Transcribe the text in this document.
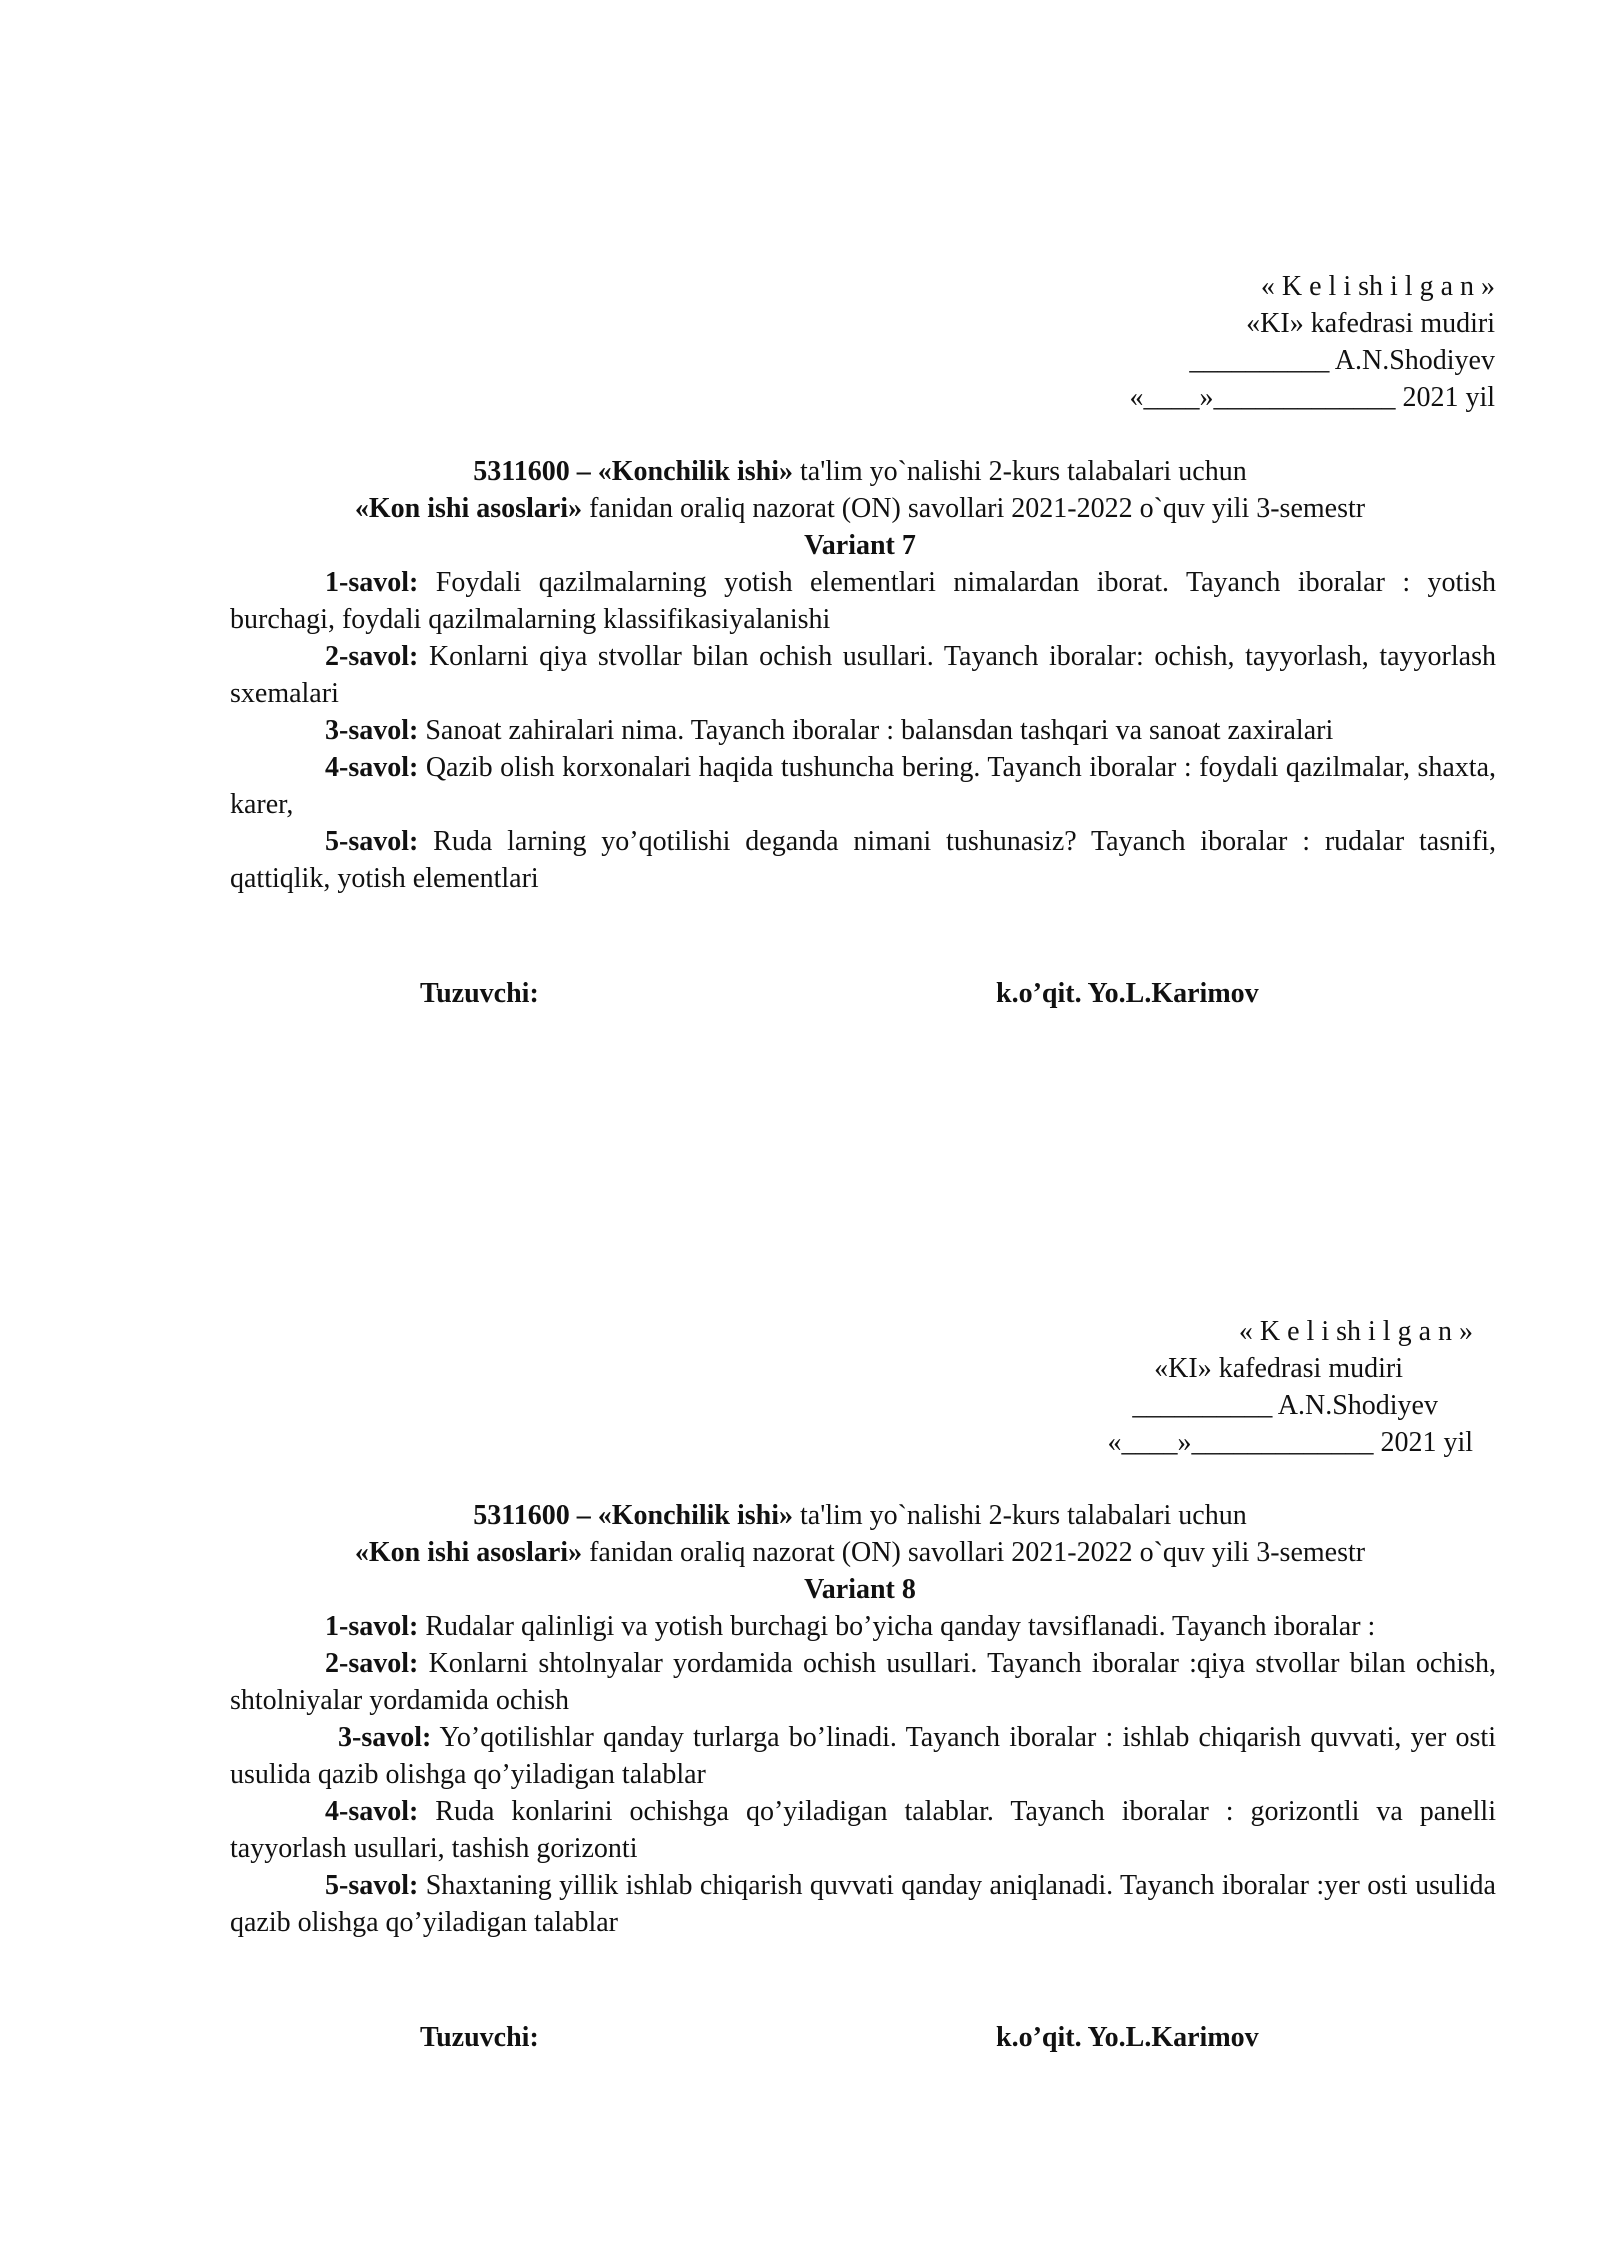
« K e l i sh i l g a n »
«KI» kafedrasi mudiri
__________ A.N.Shodiyev
«____»_____________ 2021 yil
5311600 – «Konchilik ishi» ta'lim yo`nalishi 2-kurs talabalari uchun
«Kon ishi asoslari» fanidan oraliq nazorat (ON) savollari 2021-2022 o`quv yili 3-semestr
Variant 7

1-savol: Foydali qazilmalarning yotish elementlari nimalardan iborat. Tayanch iboralar : yotish burchagi, foydali qazilmalarning klassifikasiyalanishi

2-savol: Konlarni qiya stvollar bilan ochish usullari. Tayanch iboralar: ochish, tayyorlash, tayyorlash sxemalari

3-savol: Sanoat zahiralari nima. Tayanch iboralar : balansdan tashqari va sanoat zaxiralari

4-savol: Qazib olish korxonalari haqida tushuncha bering. Tayanch iboralar : foydali qazilmalar, shaxta, karer,

5-savol: Ruda larning yo’qotilishi deganda nimani tushunasiz? Tayanch iboralar : rudalar tasnifi, qattiqlik, yotish elementlari

Tuzuvchi:	k.o’qit. Yo.L.Karimov
« K e l i sh i l g a n »
«KI» kafedrasi mudiri
__________ A.N.Shodiyev
«____»_____________ 2021 yil
5311600 – «Konchilik ishi» ta'lim yo`nalishi 2-kurs talabalari uchun
«Kon ishi asoslari» fanidan oraliq nazorat (ON) savollari 2021-2022 o`quv yili 3-semestr
Variant 8

1-savol: Rudalar qalinligi va yotish burchagi bo’yicha qanday tavsiflanadi. Tayanch iboralar :

2-savol: Konlarni shtolnyalar yordamida ochish usullari. Tayanch iboralar :qiya stvollar bilan ochish, shtolniyalar yordamida ochish

3-savol: Yo’qotilishlar qanday turlarga bo’linadi. Tayanch iboralar : ishlab chiqarish quvvati, yer osti usulida qazib olishga qo’yiladigan talablar

4-savol: Ruda konlarini ochishga qo’yiladigan talablar. Tayanch iboralar : gorizontli va panelli tayyorlash usullari, tashish gorizonti

5-savol: Shaxtaning yillik ishlab chiqarish quvvati qanday aniqlanadi. Tayanch iboralar :yer osti usulida qazib olishga qo’yiladigan talablar

Tuzuvchi:	k.o’qit. Yo.L.Karimov
